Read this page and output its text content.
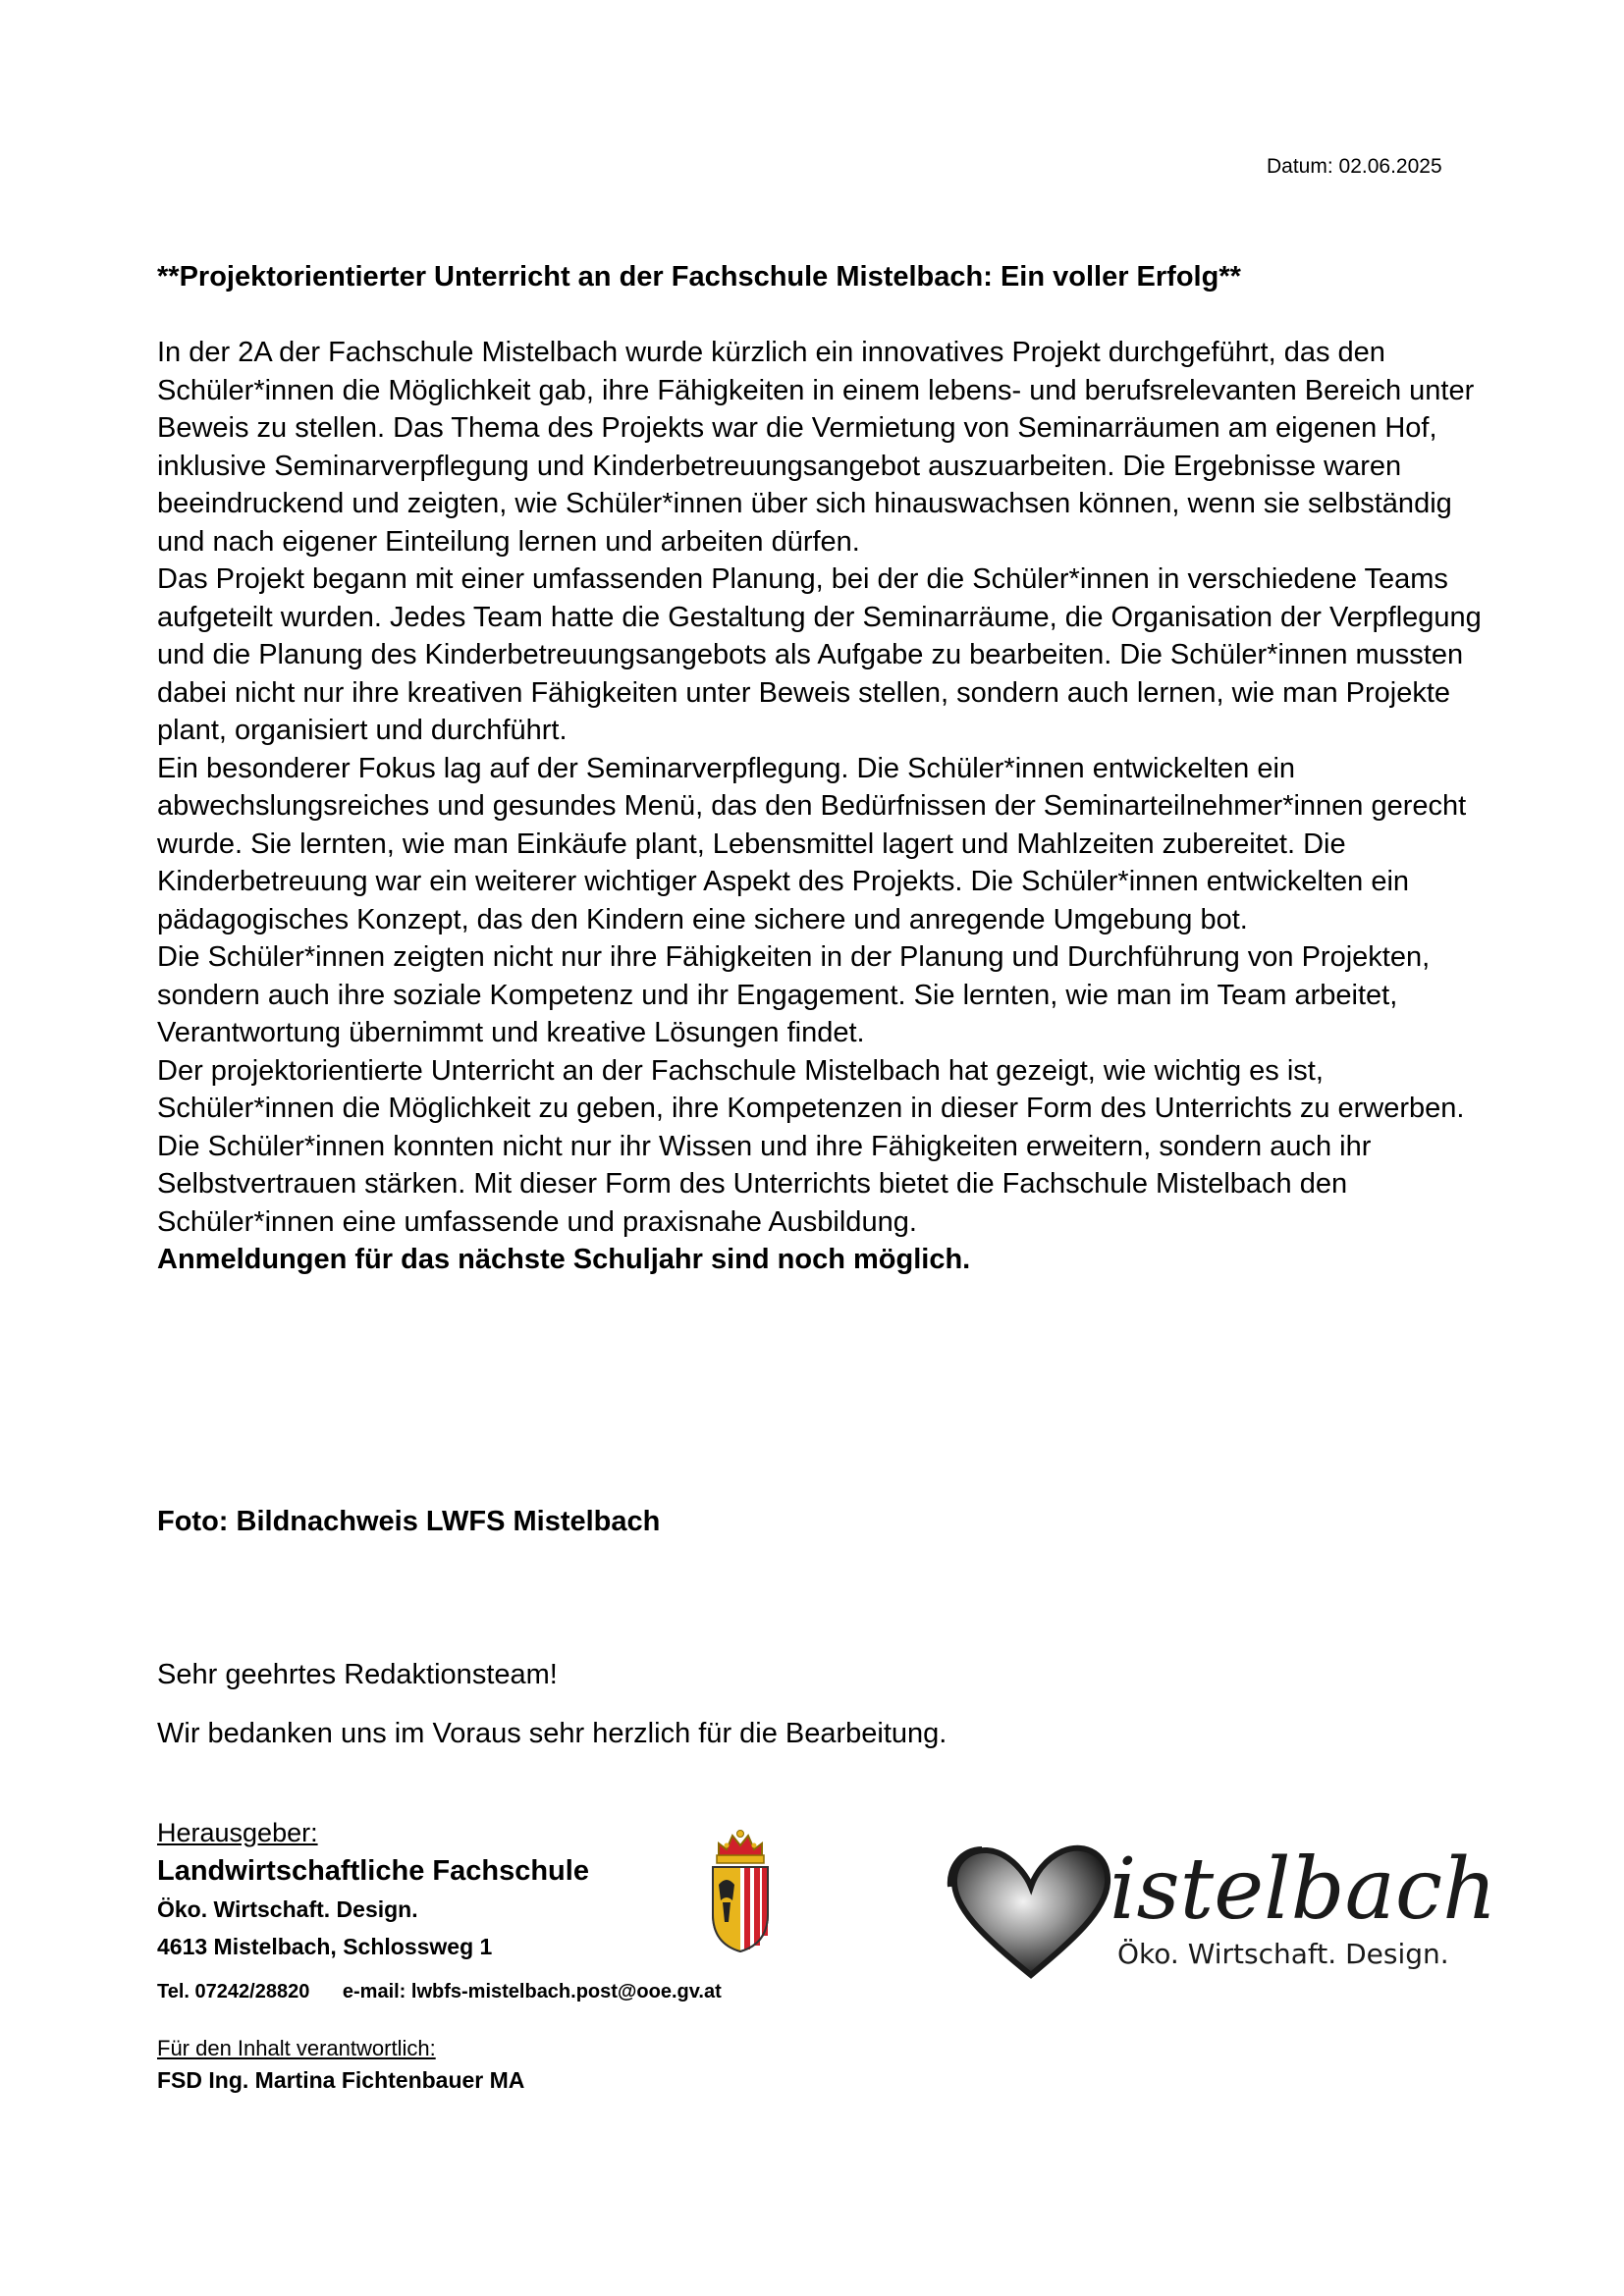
Datum: 02.06.2025
**Projektorientierter Unterricht an der Fachschule Mistelbach: Ein voller Erfolg**

In der 2A der Fachschule Mistelbach wurde kürzlich ein innovatives Projekt durchgeführt, das den Schüler*innen die Möglichkeit gab, ihre Fähigkeiten in einem lebens- und berufsrelevanten Bereich unter Beweis zu stellen. Das Thema des Projekts war die Vermietung von Seminarräumen am eigenen Hof, inklusive Seminarverpflegung und Kinderbetreuungsangebot auszuarbeiten. Die Ergebnisse waren beeindruckend und zeigten, wie Schüler*innen über sich hinauswachsen können, wenn sie selbständig und nach eigener Einteilung lernen und arbeiten dürfen.

Das Projekt begann mit einer umfassenden Planung, bei der die Schüler*innen in verschiedene Teams aufgeteilt wurden. Jedes Team hatte die Gestaltung der Seminarräume, die Organisation der Verpflegung und die Planung des Kinderbetreuungsangebots als Aufgabe zu bearbeiten. Die Schüler*innen mussten dabei nicht nur ihre kreativen Fähigkeiten unter Beweis stellen, sondern auch lernen, wie man Projekte plant, organisiert und durchführt.

Ein besonderer Fokus lag auf der Seminarverpflegung. Die Schüler*innen entwickelten ein abwechslungsreiches und gesundes Menü, das den Bedürfnissen der Seminarteilnehmer*innen gerecht wurde. Sie lernten, wie man Einkäufe plant, Lebensmittel lagert und Mahlzeiten zubereitet. Die Kinderbetreuung war ein weiterer wichtiger Aspekt des Projekts. Die Schüler*innen entwickelten ein pädagogisches Konzept, das den Kindern eine sichere und anregende Umgebung bot.

Die Schüler*innen zeigten nicht nur ihre Fähigkeiten in der Planung und Durchführung von Projekten, sondern auch ihre soziale Kompetenz und ihr Engagement. Sie lernten, wie man im Team arbeitet, Verantwortung übernimmt und kreative Lösungen findet.

Der projektorientierte Unterricht an der Fachschule Mistelbach hat gezeigt, wie wichtig es ist, Schüler*innen die Möglichkeit zu geben, ihre Kompetenzen in dieser Form des Unterrichts zu erwerben. Die Schüler*innen konnten nicht nur ihr Wissen und ihre Fähigkeiten erweitern, sondern auch ihr Selbstvertrauen stärken. Mit dieser Form des Unterrichts bietet die Fachschule Mistelbach den Schüler*innen eine umfassende und praxisnahe Ausbildung.

Anmeldungen für das nächste Schuljahr sind noch möglich.

Foto: Bildnachweis LWFS Mistelbach
Sehr geehrtes Redaktionsteam!
Wir bedanken uns im Voraus sehr herzlich für die Bearbeitung.
Herausgeber:
Landwirtschaftliche Fachschule
Öko. Wirtschaft. Design.
4613 Mistelbach, Schlossweg 1
Tel. 07242/28820 e-mail: lwbfs-mistelbach.post@ooe.gv.at
Für den Inhalt verantwortlich:
FSD Ing. Martina Fichtenbauer MA
istelbach
Öko. Wirtschaft. Design.
